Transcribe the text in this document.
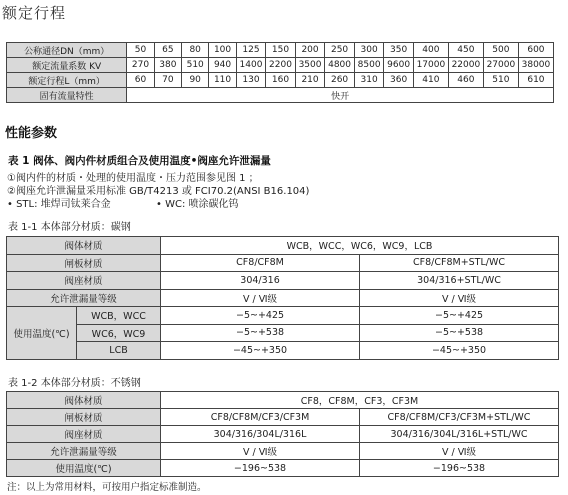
额定行程
公称通径DN（mm）	50	65	80	100	125	150	200	250	300	350	400	450	500	600
额定流量系数 KV	270	380	510	940	1400	2200	3500	4800	8500	9600	17000	22000	27000	38000
额定行程L（mm）	60	70	90	110	130	160	210	260	310	360	410	460	510	610
固有流量特性	快开													
性能参数
表 1 阀体、阀内件材质组合及使用温度•阀座允许泄漏量
①阀内件的材质・处理的使用温度・压力范围参见图 1 ；
②阀座允许泄漏量采用标准 GB/T4213 或 FCI70.2(ANSI B16.104)
• STL: 堆焊司钛莱合金	• WC: 喷涂碳化钨
表 1-1 本体部分材质：碳钢
阀体材质		WCB，WCC，WC6，WC9，LCB	
闸板材质		CF8/CF8M	CF8/CF8M+STL/WC
阀座材质		304/316	304/316+STL/WC
允许泄漏量等级		Ⅴ / Ⅵ级	Ⅴ / Ⅵ级
使用温度(℃)	WCB，WCC	−5~+425	−5~+425
	WC6，WC9	−5~+538	−5~+538
	LCB	−45~+350	−45~+350
表 1-2 本体部分材质：不锈钢
阀体材质	CF8，CF8M，CF3，CF3M	
闸板材质	CF8/CF8M/CF3/CF3M	CF8/CF8M/CF3/CF3M+STL/WC
阀座材质	304/316/304L/316L	304/316/304L/316L+STL/WC
允许泄漏量等级	Ⅴ / Ⅵ级	Ⅴ / Ⅵ级
使用温度(℃)	−196~538	−196~538
注：以上为常用材料，可按用户指定标准制造。
